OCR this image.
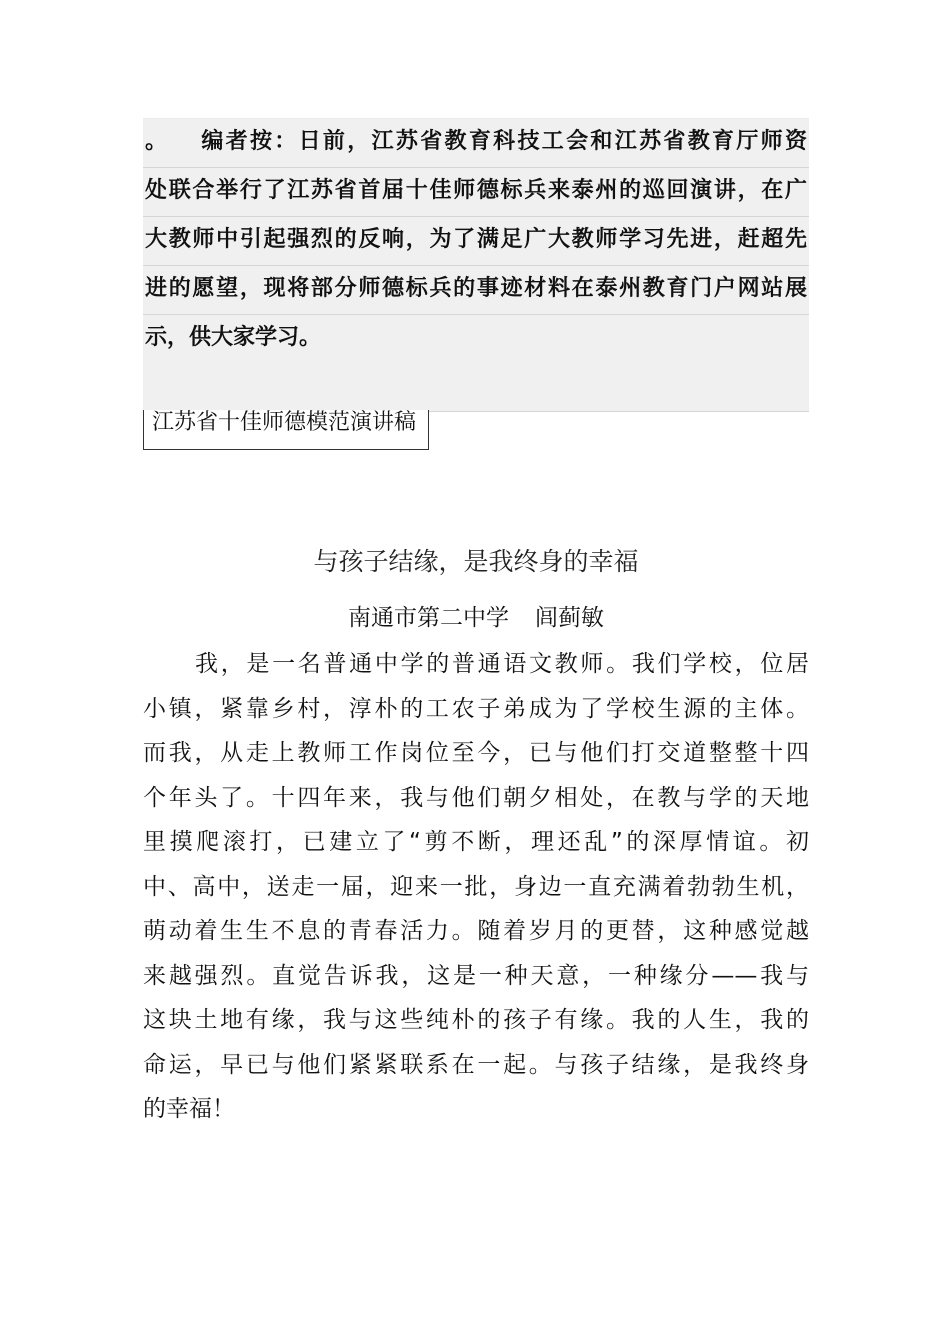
。 编者按：日前，江苏省教育科技工会和江苏省教育厅师资
处联合举行了江苏省首届十佳师德标兵来泰州的巡回演讲，在广
大教师中引起强烈的反响，为了满足广大教师学习先进，赶超先
进的愿望，现将部分师德标兵的事迹材料在泰州教育门户网站展
示，供大家学习。
江苏省十佳师德模范演讲稿
与孩子结缘，是我终身的幸福
南通市第二中学 闾蓟敏
我，是一名普通中学的普通语文教师。我们学校，位居
小镇，紧靠乡村，淳朴的工农子弟成为了学校生源的主体。
而我，从走上教师工作岗位至今，已与他们打交道整整十四
个年头了。十四年来，我与他们朝夕相处，在教与学的天地
里摸爬滚打，已建立了“剪不断，理还乱”的深厚情谊。初
中、高中，送走一届，迎来一批，身边一直充满着勃勃生机，
萌动着生生不息的青春活力。随着岁月的更替，这种感觉越
来越强烈。直觉告诉我，这是一种天意，一种缘分——我与
这块土地有缘，我与这些纯朴的孩子有缘。我的人生，我的
命运，早已与他们紧紧联系在一起。与孩子结缘，是我终身
的幸福！
